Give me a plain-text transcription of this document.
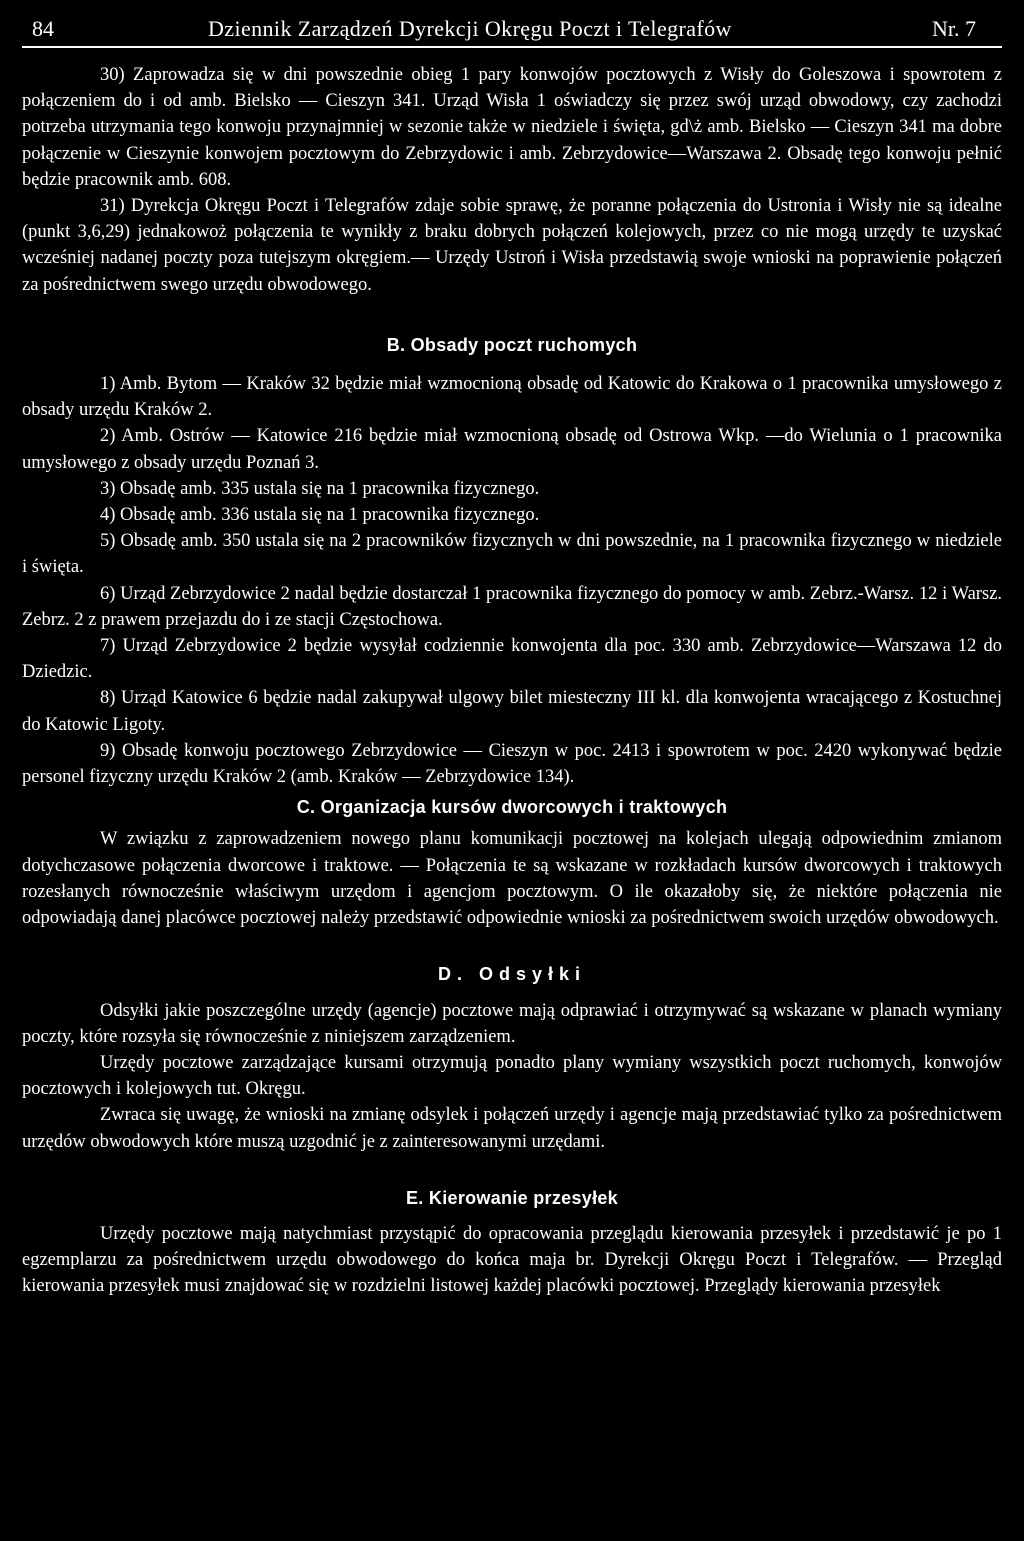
84	Dziennik Zarządzeń Dyrekcji Okręgu Poczt i Telegrafów	Nr. 7

30) Zaprowadza się w dni powszednie obieg 1 pary konwojów pocztowych z Wisły do Goleszowa i spowrotem z połączeniem do i od amb. Bielsko — Cieszyn 341. Urząd Wisła 1 oświadczy się przez swój urząd obwodowy, czy zachodzi potrzeba utrzymania tego konwoju przynajmniej w sezonie także w niedziele i święta, gd\ż amb. Bielsko — Cieszyn 341 ma dobre połączenie w Cieszynie konwojem pocztowym do Zebrzydowic i amb. Zebrzydowice—Warszawa 2. Obsadę tego konwoju pełnić będzie pracownik amb. 608.

31) Dyrekcja Okręgu Poczt i Telegrafów zdaje sobie sprawę, że poranne połączenia do Ustronia i Wisły nie są idealne (punkt 3,6,29) jednakowoż połączenia te wynikły z braku dobrych połączeń kolejowych, przez co nie mogą urzędy te uzyskać wcześniej nadanej poczty poza tutejszym okręgiem.— Urzędy Ustroń i Wisła przedstawią swoje wnioski na poprawienie połączeń za pośrednictwem swego urzędu obwodowego.

B. Obsady poczt ruchomych

1) Amb. Bytom — Kraków 32 będzie miał wzmocnioną obsadę od Katowic do Krakowa o 1 pracownika umysłowego z obsady urzędu Kraków 2.

2) Amb. Ostrów — Katowice 216 będzie miał wzmocnioną obsadę od Ostrowa Wkp. —do Wielunia o 1 pracownika umysłowego z obsady urzędu Poznań 3.

3) Obsadę amb. 335 ustala się na 1 pracownika fizycznego.

4) Obsadę amb. 336 ustala się na 1 pracownika fizycznego.

5) Obsadę amb. 350 ustala się na 2 pracowników fizycznych w dni powszednie, na 1 pracownika fizycznego w niedziele i święta.

6) Urząd Zebrzydowice 2 nadal będzie dostarczał 1 pracownika fizycznego do pomocy w amb. Zebrz.-Warsz. 12 i Warsz. Zebrz. 2 z prawem przejazdu do i ze stacji Częstochowa.

7) Urząd Zebrzydowice 2 będzie wysyłał codziennie konwojenta dla poc. 330 amb. Zebrzydowice—Warszawa 12 do Dziedzic.

8) Urząd Katowice 6 będzie nadal zakupywał ulgowy bilet miesteczny III kl. dla konwojenta wracającego z Kostuchnej do Katowic Ligoty.

9) Obsadę konwoju pocztowego Zebrzydowice — Cieszyn w poc. 2413 i spowrotem w poc. 2420 wykonywać będzie personel fizyczny urzędu Kraków 2 (amb. Kraków — Zebrzydowice 134).

C. Organizacja kursów dworcowych i traktowych

W związku z zaprowadzeniem nowego planu komunikacji pocztowej na kolejach ulegają odpowiednim zmianom dotychczasowe połączenia dworcowe i traktowe. — Połączenia te są wskazane w rozkładach kursów dworcowych i traktowych rozesłanych równocześnie właściwym urzędom i agencjom pocztowym. O ile okazałoby się, że niektóre połączenia nie odpowiadają danej placówce pocztowej należy przedstawić odpowiednie wnioski za pośrednictwem swoich urzędów obwodowych.

D. Odsyłki

Odsyłki jakie poszczególne urzędy (agencje) pocztowe mają odprawiać i otrzymywać są wskazane w planach wymiany poczty, które rozsyła się równocześnie z niniejszem zarządzeniem.

Urzędy pocztowe zarządzające kursami otrzymują ponadto plany wymiany wszystkich poczt ruchomych, konwojów pocztowych i kolejowych tut. Okręgu.

Zwraca się uwagę, że wnioski na zmianę odsylek i połączeń urzędy i agencje mają przedstawiać tylko za pośrednictwem urzędów obwodowych które muszą uzgodnić je z zainteresowanymi urzędami.

E. Kierowanie przesyłek

Urzędy pocztowe mają natychmiast przystąpić do opracowania przeglądu kierowania przesyłek i przedstawić je po 1 egzemplarzu za pośrednictwem urzędu obwodowego do końca maja br. Dyrekcji Okręgu Poczt i Telegrafów. — Przegląd kierowania przesyłek musi znajdować się w rozdzielni listowej każdej placówki pocztowej. Przeglądy kierowania przesyłek
